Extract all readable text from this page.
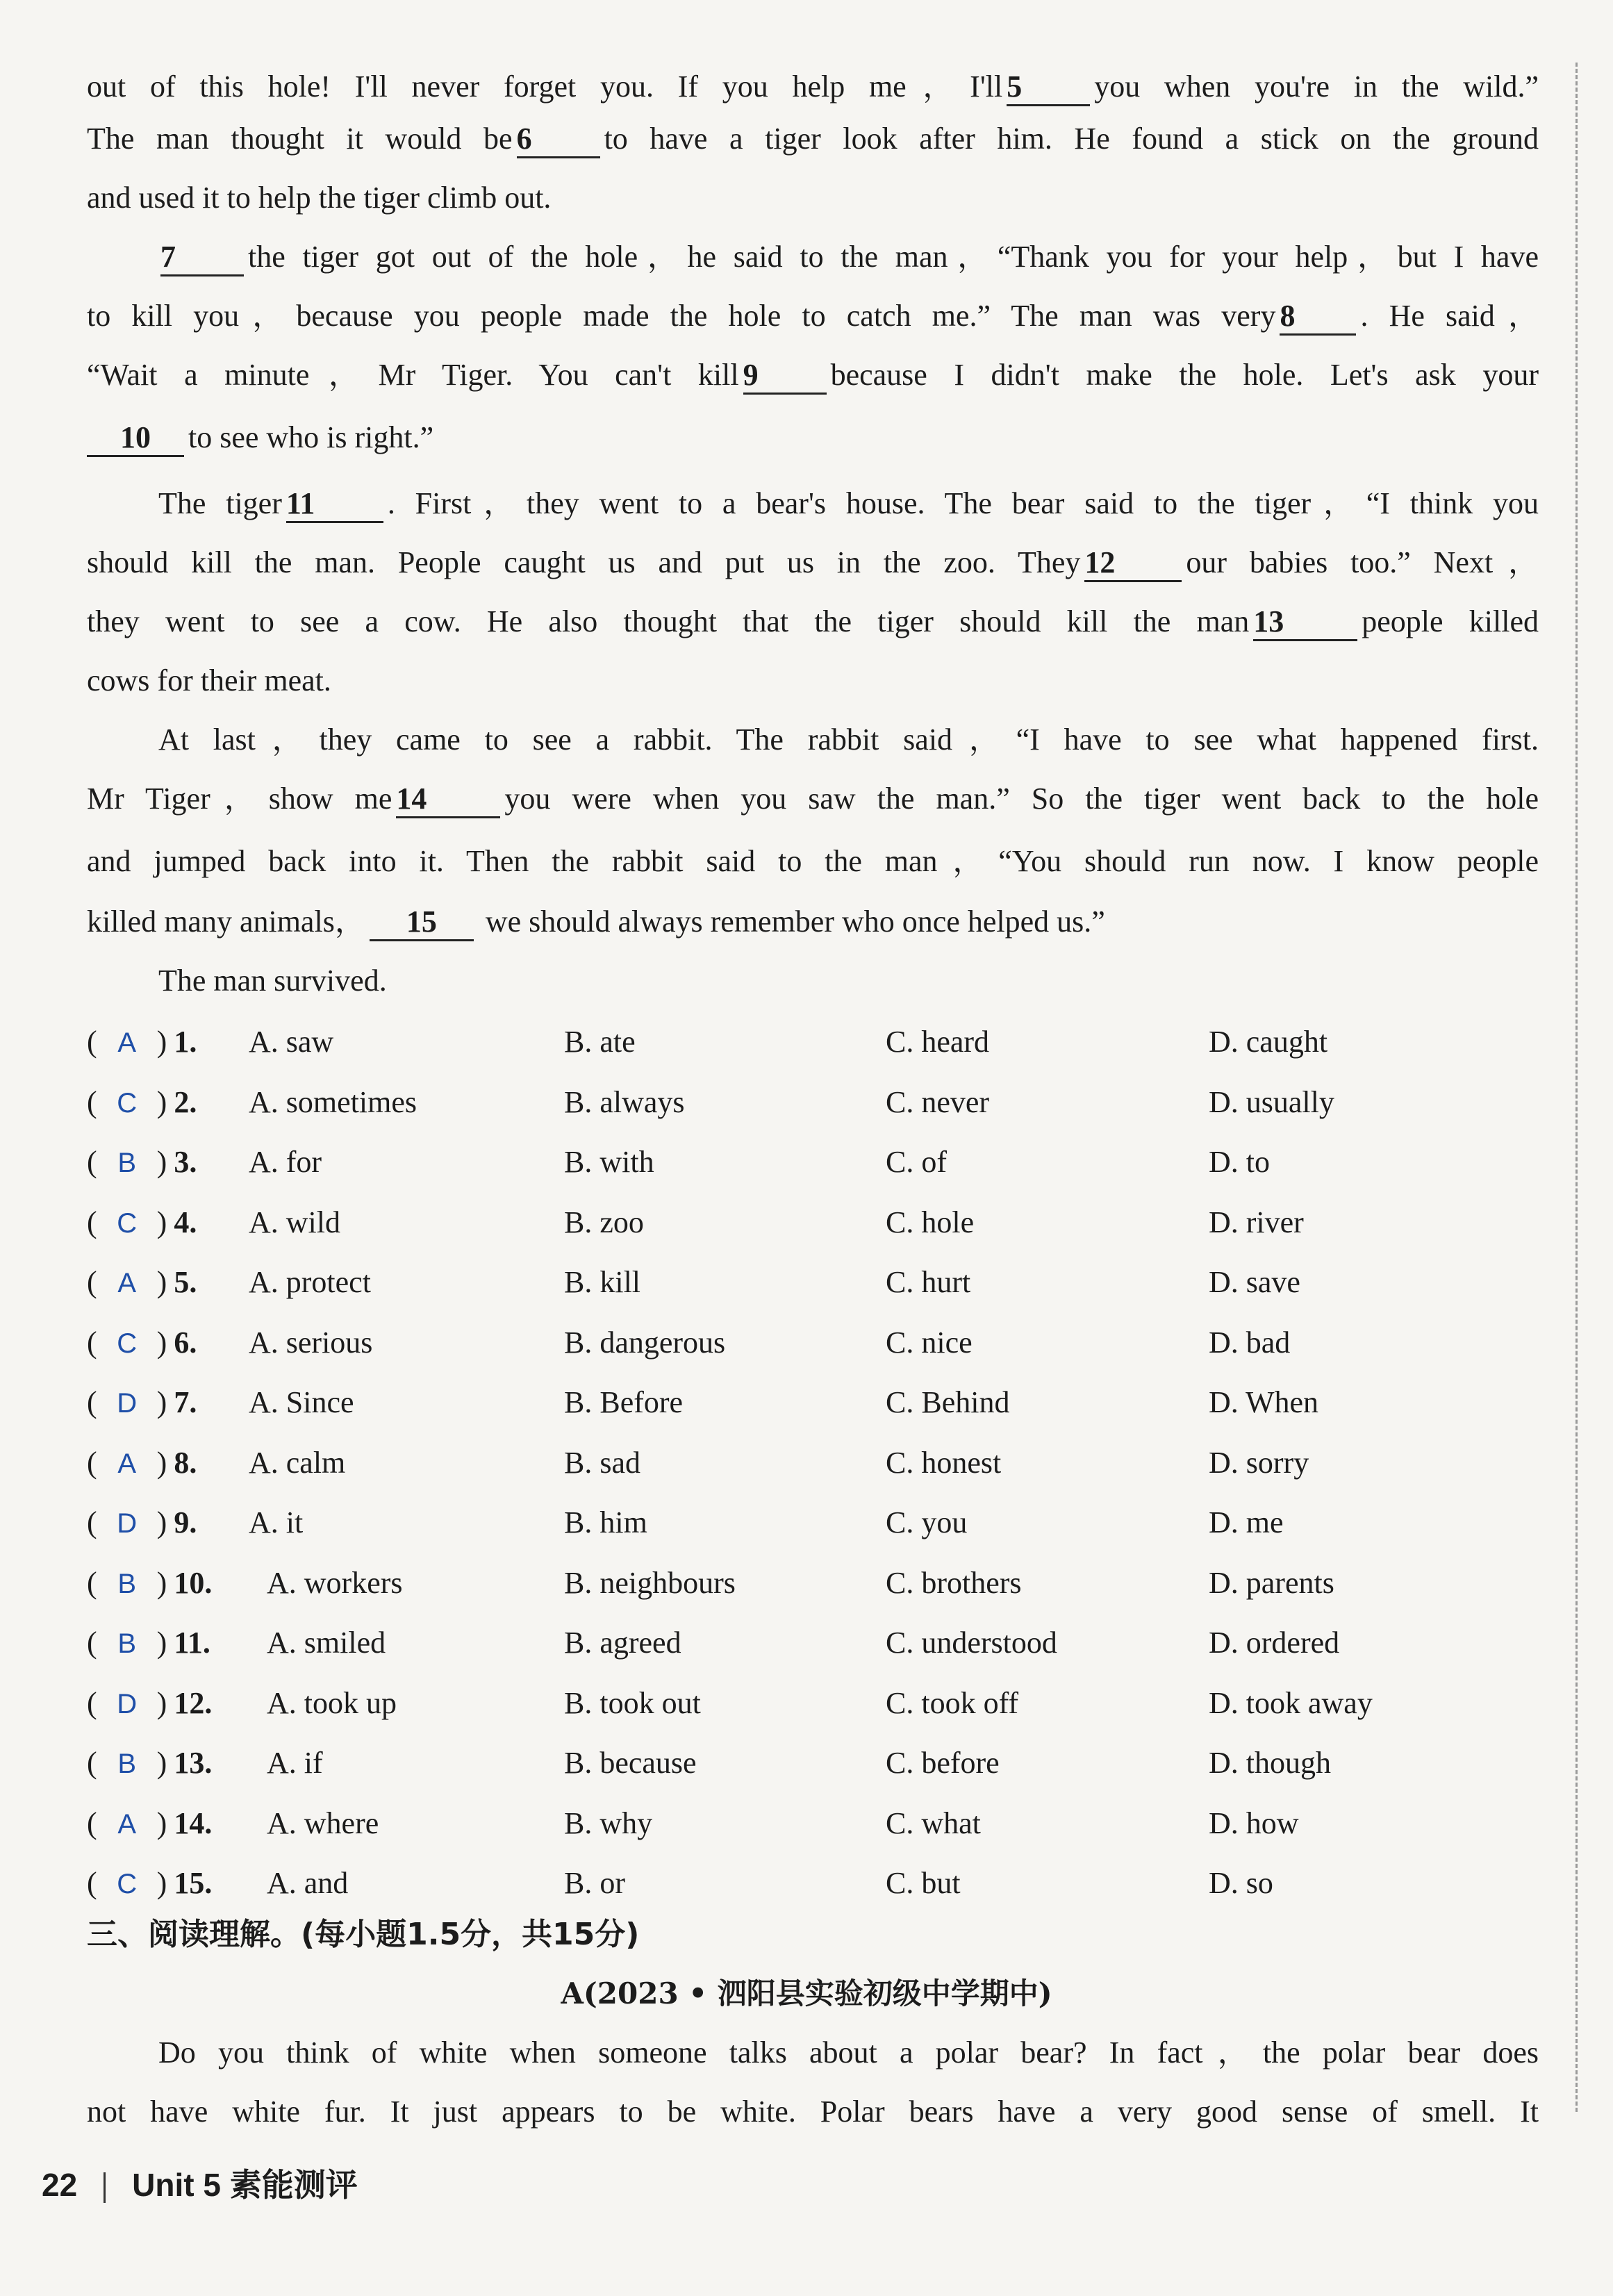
out of this hole! I'll never forget you. If you help me，I'll 5 you when you're in the wild.”
The man thought it would be 6 to have a tiger look after him. He found a stick on the ground
and used it to help the tiger climb out.
7 the tiger got out of the hole，he said to the man，“Thank you for your help，but I have
to kill you，because you people made the hole to catch me.” The man was very 8 . He said，
“Wait a minute，Mr Tiger. You can't kill 9 because I didn't make the hole. Let's ask your
10 to see who is right.”
The tiger 11 . First，they went to a bear's house. The bear said to the tiger，“I think you
should kill the man. People caught us and put us in the zoo. They 12 our babies too.” Next，
they went to see a cow. He also thought that the tiger should kill the man 13	people killed
cows for their meat.
At last，they came to see a rabbit. The rabbit said，“I have to see what happened first.
Mr Tiger，show me 14	you were when you saw the man.” So the tiger went back to the hole
and jumped back into it. Then the rabbit said to the man，“You should run now. I know people
killed many animals， 15 we should always remember who once helped us.”
The man survived.
( A ) 1. A. saw	B. ate	C. heard	D. caught
( C ) 2. A. sometimes	B. always	C. never	D. usually
( B ) 3. A. for	B. with	C. of	D. to
( C ) 4. A. wild	B. zoo	C. hole	D. river
( A ) 5. A. protect	B. kill	C. hurt	D. save
( C ) 6. A. serious	B. dangerous	C. nice	D. bad
( D ) 7. A. Since	B. Before	C. Behind	D. When
( A ) 8. A. calm	B. sad	C. honest	D. sorry
( D ) 9. A. it	B. him	C. you	D. me
( B ) 10. A. workers	B. neighbours	C. brothers	D. parents
( B ) 11. A. smiled	B. agreed	C. understood	D. ordered
( D ) 12. A. took up	B. took out	C. took off	D. took away
( B ) 13. A. if	B. because	C. before	D. though
( A ) 14. A. where	B. why	C. what	D. how
( C ) 15. A. and	B. or	C. but	D. so
三、阅读理解。(每小题1.5分，共15分)
A(2023 • 泗阳县实验初级中学期中)
Do you think of white when someone talks about a polar bear? In fact，the polar bear does
not have white fur. It just appears to be white. Polar bears have a very good sense of smell. It
22 Unit 5 素能测评
